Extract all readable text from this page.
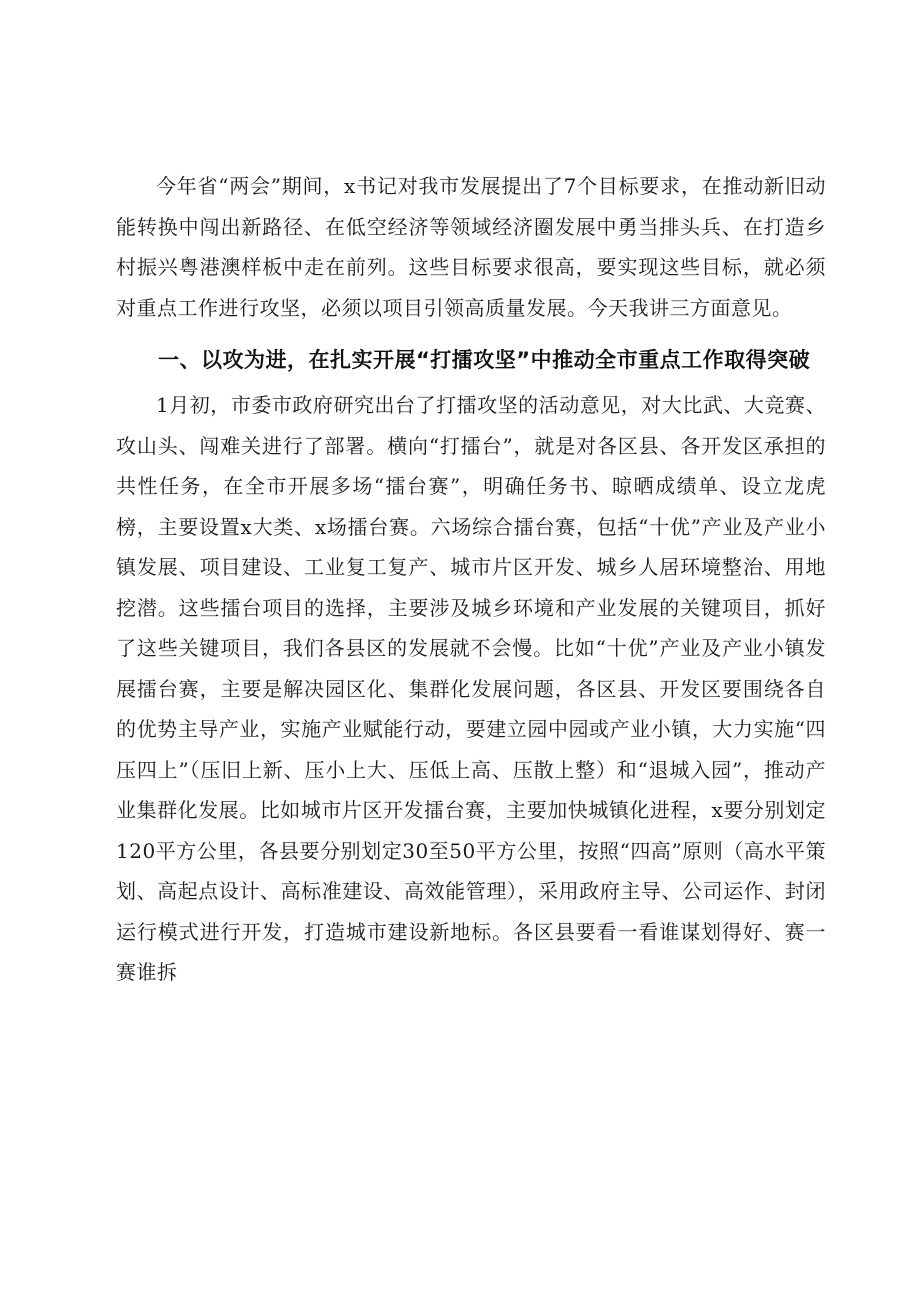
今年省“两会”期间，x书记对我市发展提出了7个目标要求，在推动新旧动能转换中闯出新路径、在低空经济等领域经济圈发展中勇当排头兵、在打造乡村振兴粤港澳样板中走在前列。这些目标要求很高，要实现这些目标，就必须对重点工作进行攻坚，必须以项目引领高质量发展。今天我讲三方面意见。

一、以攻为进，在扎实开展“打擂攻坚”中推动全市重点工作取得突破

1月初，市委市政府研究出台了打擂攻坚的活动意见，对大比武、大竞赛、攻山头、闯难关进行了部署。横向“打擂台”，就是对各区县、各开发区承担的共性任务，在全市开展多场“擂台赛”，明确任务书、晾晒成绩单、设立龙虎榜，主要设置x大类、x场擂台赛。六场综合擂台赛，包括“十优”产业及产业小镇发展、项目建设、工业复工复产、城市片区开发、城乡人居环境整治、用地挖潜。这些擂台项目的选择，主要涉及城乡环境和产业发展的关键项目，抓好了这些关键项目，我们各县区的发展就不会慢。比如“十优”产业及产业小镇发展擂台赛，主要是解决园区化、集群化发展问题，各区县、开发区要围绕各自的优势主导产业，实施产业赋能行动，要建立园中园或产业小镇，大力实施“四压四上”（压旧上新、压小上大、压低上高、压散上整）和“退城入园”，推动产业集群化发展。比如城市片区开发擂台赛，主要加快城镇化进程，x要分别划定120平方公里，各县要分别划定30至50平方公里，按照“四高”原则（高水平策划、高起点设计、高标准建设、高效能管理），采用政府主导、公司运作、封闭运行模式进行开发，打造城市建设新地标。各区县要看一看谁谋划得好、赛一赛谁拆
